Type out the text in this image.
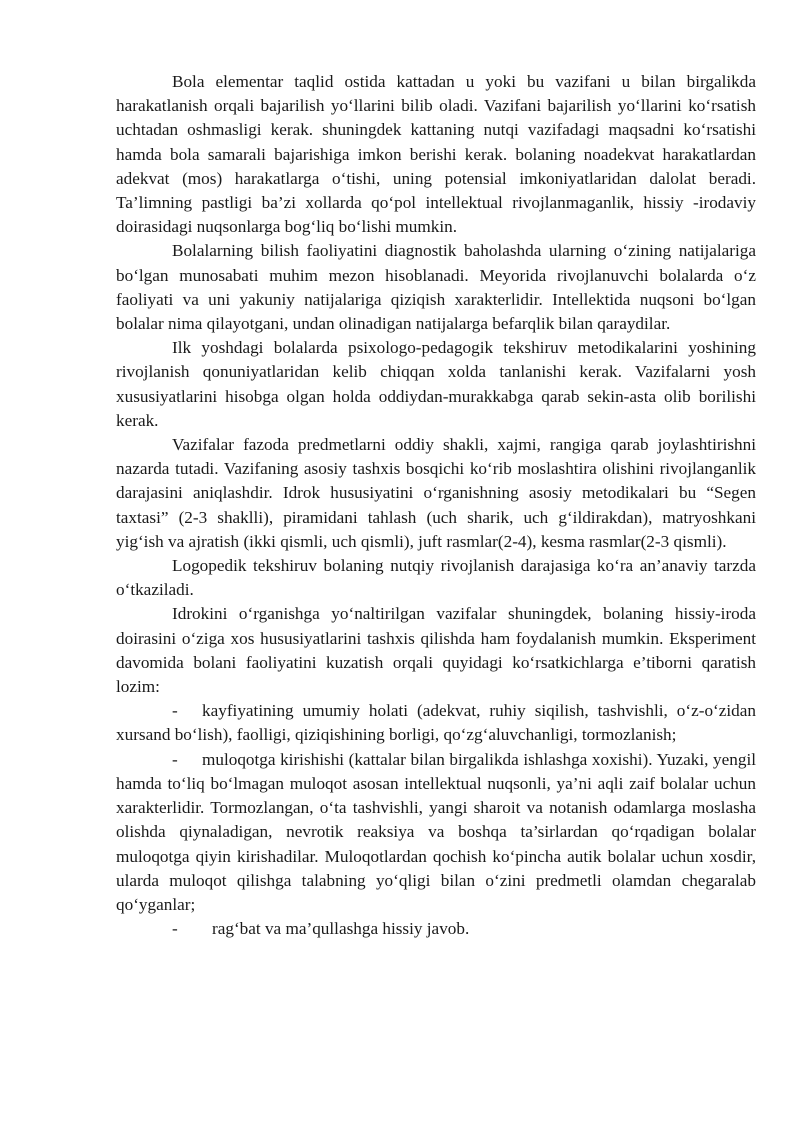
Bola elementar taqlid ostida kattadan u yoki bu vazifani u bilan birgalikda harakatlanish orqali bajarilish yo‘llarini bilib oladi. Vazifani bajarilish yo‘llarini ko‘rsatish uchtadan oshmasligi kerak. shuningdek kattaning nutqi vazifadagi maqsadni ko‘rsatishi hamda bola samarali bajarishiga imkon berishi kerak. bolaning noadekvat harakatlardan adekvat (mos) harakatlarga o‘tishi, uning potensial imkoniyatlaridan dalolat beradi. Ta’limning pastligi ba’zi xollarda qo‘pol intellektual rivojlanmaganlik, hissiy -irodaviy doirasidagi nuqsonlarga bog‘liq bo‘lishi mumkin.

Bolalarning bilish faoliyatini diagnostik baholashda ularning o‘zining natijalariga bo‘lgan munosabati muhim mezon hisoblanadi. Meyorida rivojlanuvchi bolalarda o‘z faoliyati va uni yakuniy natijalariga qiziqish xarakterlidir. Intellektida nuqsoni bo‘lgan bolalar nima qilayotgani, undan olinadigan natijalarga befarqlik bilan qaraydilar.

Ilk yoshdagi bolalarda psixologo-pedagogik tekshiruv metodikalarini yoshining rivojlanish qonuniyatlaridan kelib chiqqan xolda tanlanishi kerak. Vazifalarni yosh xususiyatlarini hisobga olgan holda oddiydan-murakkabga qarab sekin-asta olib borilishi kerak.

Vazifalar fazoda predmetlarni oddiy shakli, xajmi, rangiga qarab joylashtirishni nazarda tutadi. Vazifaning asosiy tashxis bosqichi ko‘rib moslashtira olishini rivojlanganlik darajasini aniqlashdir. Idrok hususiyatini o‘rganishning asosiy metodikalari bu “Segen taxtasi” (2-3 shaklli), piramidani tahlash (uch sharik, uch g‘ildirakdan), matryoshkani yig‘ish va ajratish (ikki qismli, uch qismli), juft rasmlar(2-4), kesma rasmlar(2-3 qismli).

Logopedik tekshiruv bolaning nutqiy rivojlanish darajasiga ko‘ra an’anaviy tarzda o‘tkaziladi.

Idrokini o‘rganishga yo‘naltirilgan vazifalar shuningdek, bolaning hissiy-iroda doirasini o‘ziga xos hususiyatlarini tashxis qilishda ham foydalanish mumkin. Eksperiment davomida bolani faoliyatini kuzatish orqali quyidagi ko‘rsatkichlarga e’tiborni qaratish lozim:

- kayfiyatining umumiy holati (adekvat, ruhiy siqilish, tashvishli, o‘z-o‘zidan xursand bo‘lish), faolligi, qiziqishining borligi, qo‘zg‘aluvchanligi, tormozlanish;

- muloqotga kirishishi (kattalar bilan birgalikda ishlashga xoxishi). Yuzaki, yengil hamda to‘liq bo‘lmagan muloqot asosan intellektual nuqsonli, ya’ni aqli zaif bolalar uchun xarakterlidir. Tormozlangan, o‘ta tashvishli, yangi sharoit va notanish odamlarga moslasha olishda qiynaladigan, nevrotik reaksiya va boshqa ta’sirlardan qo‘rqadigan bolalar muloqotga qiyin kirishadilar. Muloqotlardan qochish ko‘pincha autik bolalar uchun xosdir, ularda muloqot qilishga talabning yo‘qligi bilan o‘zini predmetli olamdan chegaralab qo‘yganlar;

- rag‘bat va ma’qullashga hissiy javob.
